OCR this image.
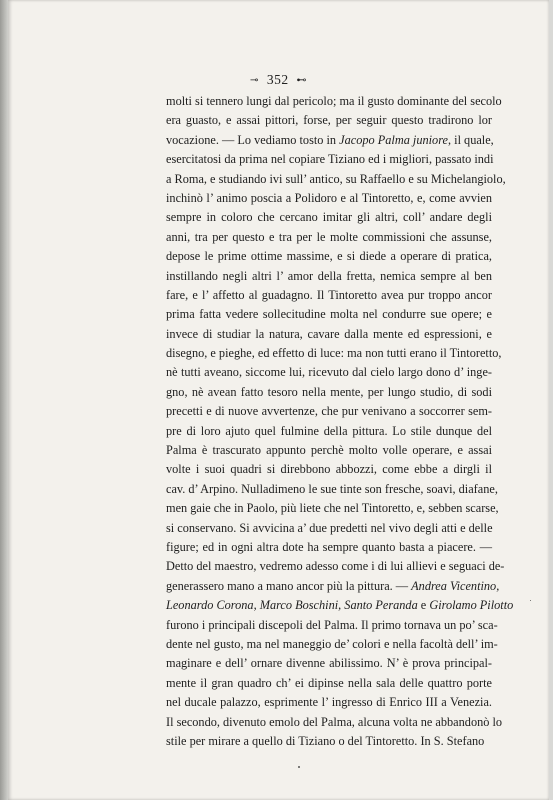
⊸ 352 ⊷
molti si tennero lungi dal pericolo; ma il gusto dominante del secolo
era guasto, e assai pittori, forse, per seguir questo tradirono lor
vocazione. — Lo vediamo tosto in Jacopo Palma juniore, il quale,
esercitatosi da prima nel copiare Tiziano ed i migliori, passato indi
a Roma, e studiando ivi sull’ antico, su Raffaello e su Michelangiolo,
inchinò l’ animo poscia a Polidoro e al Tintoretto, e, come avvien
sempre in coloro che cercano imitar gli altri, coll’ andare degli
anni, tra per questo e tra per le molte commissioni che assunse,
depose le prime ottime massime, e si diede a operare di pratica,
instillando negli altri l’ amor della fretta, nemica sempre al ben
fare, e l’ affetto al guadagno. Il Tintoretto avea pur troppo ancor
prima fatta vedere sollecitudine molta nel condurre sue opere; e
invece di studiar la natura, cavare dalla mente ed espressioni, e
disegno, e pieghe, ed effetto di luce: ma non tutti erano il Tintoretto,
nè tutti aveano, siccome lui, ricevuto dal cielo largo dono d’ inge-
gno, nè avean fatto tesoro nella mente, per lungo studio, di sodi
precetti e di nuove avvertenze, che pur venivano a soccorrer sem-
pre di loro ajuto quel fulmine della pittura. Lo stile dunque del
Palma è trascurato appunto perchè molto volle operare, e assai
volte i suoi quadri si direbbono abbozzi, come ebbe a dirgli il
cav. d’ Arpino. Nulladimeno le sue tinte son fresche, soavi, diafane,
men gaie che in Paolo, più liete che nel Tintoretto, e, sebben scarse,
si conservano. Si avvicina a’ due predetti nel vivo degli atti e delle
figure; ed in ogni altra dote ha sempre quanto basta a piacere. —
Detto del maestro, vedremo adesso come i di lui allievi e seguaci de-
generassero mano a mano ancor più la pittura. — Andrea Vicentino,
Leonardo Corona, Marco Boschini, Santo Peranda e Girolamo Pilotto
furono i principali discepoli del Palma. Il primo tornava un po’ sca-
dente nel gusto, ma nel maneggio de’ colori e nella facoltà dell’ im-
maginare e dell’ ornare divenne abilissimo. N’ è prova principal-
mente il gran quadro ch’ ei dipinse nella sala delle quattro porte
nel ducale palazzo, esprimente l’ ingresso di Enrico III a Venezia.
Il secondo, divenuto emolo del Palma, alcuna volta ne abbandonò lo
stile per mirare a quello di Tiziano o del Tintoretto. In S. Stefano
